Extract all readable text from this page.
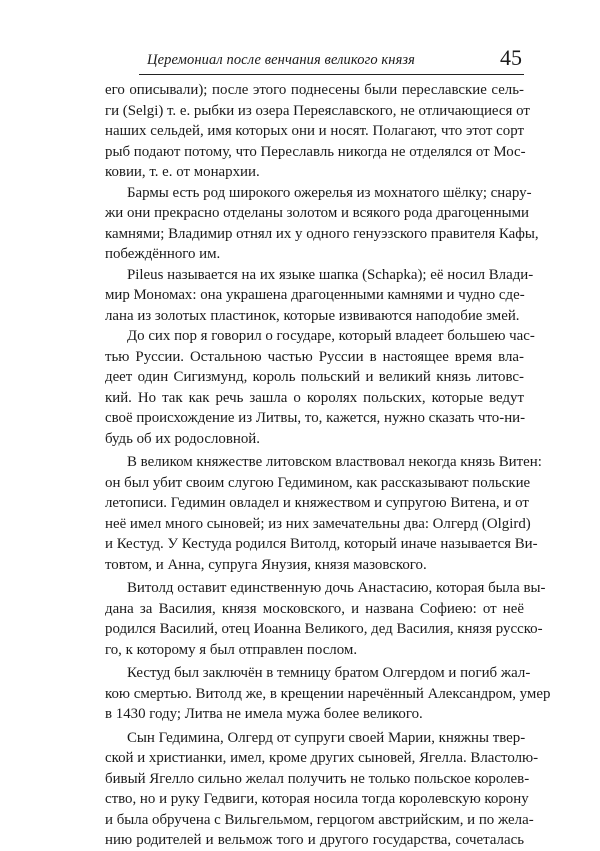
Церемониал после венчания великого князя	45
его описывали); после этого поднесены были переславские сель-
ги (Selgi) т. е. рыбки из озера Переяславского, не отличающиеся от
наших сельдей, имя которых они и носят. Полагают, что этот сорт
рыб подают потому, что Переславль никогда не отделялся от Мос-
ковии, т. е. от монархии.
Бармы есть род широкого ожерелья из мохнатого шёлку; снару-
жи они прекрасно отделаны золотом и всякого рода драгоценными
камнями; Владимир отнял их у одного генуэзского правителя Кафы,
побеждённого им.
Pileus называется на их языке шапка (Schapka); её носил Влади-
мир Мономах: она украшена драгоценными камнями и чудно сде-
лана из золотых пластинок, которые извиваются наподобие змей.
До сих пор я говорил о государе, который владеет большею час-
тью Руссии. Остальною частью Руссии в настоящее время вла-
деет один Сигизмунд, король польский и великий князь литовс-
кий. Но так как речь зашла о королях польских, которые ведут
своё происхождение из Литвы, то, кажется, нужно сказать что-ни-
будь об их родословной.
В великом княжестве литовском властвовал некогда князь Витен:
он был убит своим слугою Гедимином, как рассказывают польские
летописи. Гедимин овладел и княжеством и супругою Витена, и от
неё имел много сыновей; из них замечательны два: Олгерд (Olgird)
и Кестуд. У Кестуда родился Витолд, который иначе называется Ви-
товтом, и Анна, супруга Янузия, князя мазовского.
Витолд оставит единственную дочь Анастасию, которая была вы-
дана за Василия, князя московского, и названа Софиею: от неё
родился Василий, отец Иоанна Великого, дед Василия, князя русско-
го, к которому я был отправлен послом.
Кестуд был заключён в темницу братом Олгердом и погиб жал-
кою смертью. Витолд же, в крещении наречённый Александром, умер
в 1430 году; Литва не имела мужа более великого.
Сын Гедимина, Олгерд от супруги своей Марии, княжны твер-
ской и христианки, имел, кроме других сыновей, Ягелла. Властолю-
бивый Ягелло сильно желал получить не только польское королев-
ство, но и руку Гедвиги, которая носила тогда королевскую корону
и была обручена с Вильгельмом, герцогом австрийским, и по жела-
нию родителей и вельмож того и другого государства, сочеталась
